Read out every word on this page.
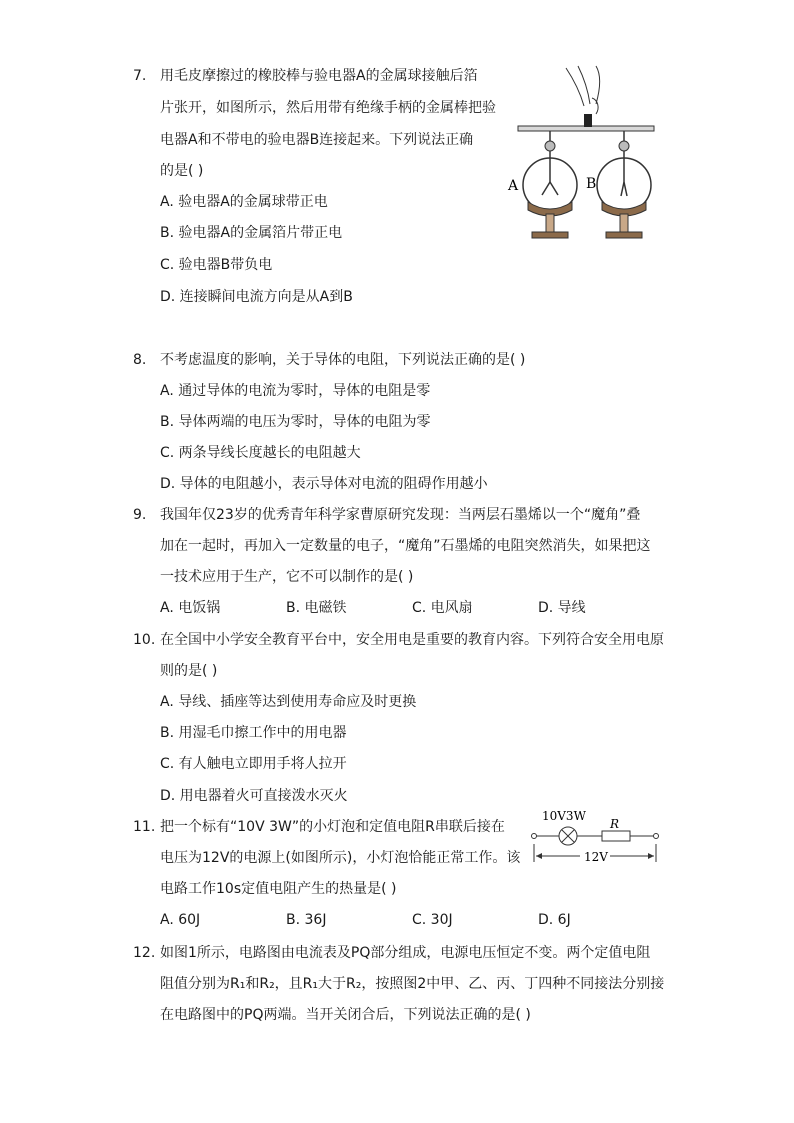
7. 用毛皮摩擦过的橡胶棒与验电器A的金属球接触后箔
片张开，如图所示，然后用带有绝缘手柄的金属棒把验
电器A和不带电的验电器B连接起来。下列说法正确
的是( )
A. 验电器A的金属球带正电
B. 验电器A的金属箔片带正电
C. 验电器B带负电
D. 连接瞬间电流方向是从A到B
A	B
8. 不考虑温度的影响，关于导体的电阻，下列说法正确的是( )
A. 通过导体的电流为零时，导体的电阻是零
B. 导体两端的电压为零时，导体的电阻为零
C. 两条导线长度越长的电阻越大
D. 导体的电阻越小，表示导体对电流的阻碍作用越小
9. 我国年仅23岁的优秀青年科学家曹原研究发现：当两层石墨烯以一个“魔角”叠
加在一起时，再加入一定数量的电子，“魔角”石墨烯的电阻突然消失，如果把这
一技术应用于生产，它不可以制作的是( )
A. 电饭锅	B. 电磁铁	C. 电风扇	D. 导线
10. 在全国中小学安全教育平台中，安全用电是重要的教育内容。下列符合安全用电原
则的是( )
A. 导线、插座等达到使用寿命应及时更换
B. 用湿毛巾擦工作中的用电器
C. 有人触电立即用手将人拉开
D. 用电器着火可直接泼水灭火
11. 把一个标有“10V 3W”的小灯泡和定值电阻R串联后接在
电压为12V的电源上(如图所示)，小灯泡恰能正常工作。该
电路工作10s定值电阻产生的热量是( )
A. 60J	B. 36J	C. 30J	D. 6J
10V3W
R
12V
12. 如图1所示，电路图由电流表及PQ部分组成，电源电压恒定不变。两个定值电阻
阻值分别为R₁和R₂，且R₁大于R₂，按照图2中甲、乙、丙、丁四种不同接法分别接
在电路图中的PQ两端。当开关闭合后，下列说法正确的是( )
